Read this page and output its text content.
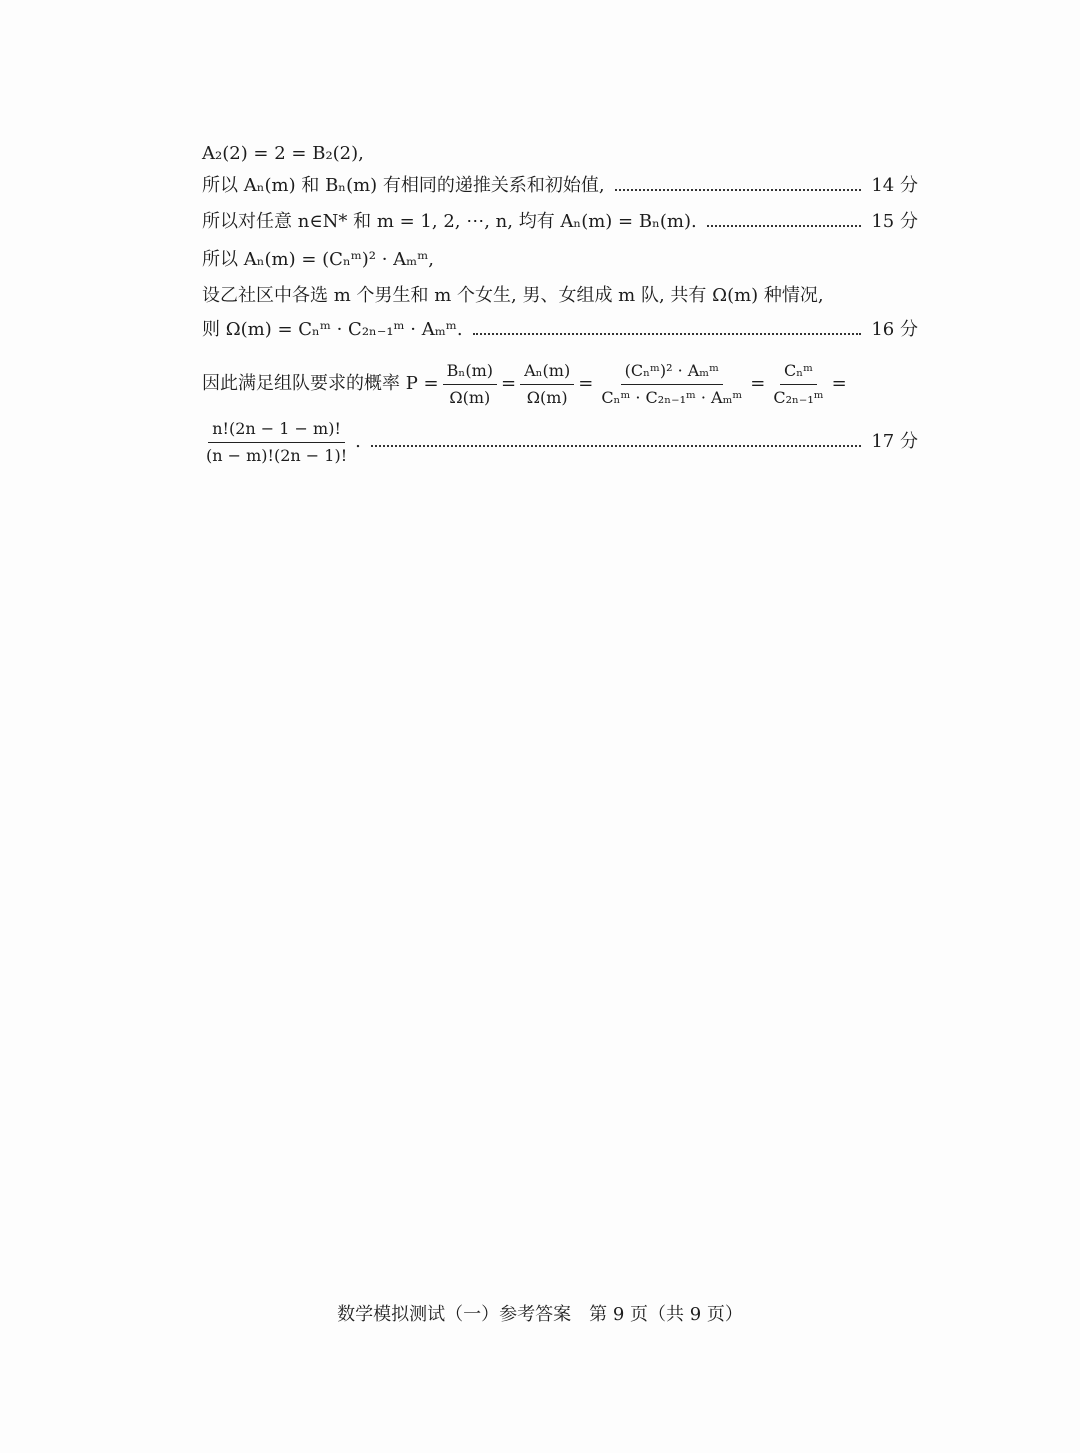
A₂(2) = 2 = B₂(2),
所以 Aₙ(m) 和 Bₙ(m) 有相同的递推关系和初始值,	14 分
所以对任意 n∈N* 和 m = 1, 2, ⋯, n, 均有 Aₙ(m) = Bₙ(m).	15 分
所以 Aₙ(m) = (Cₙᵐ)² · Aₘᵐ,
设乙社区中各选 m 个男生和 m 个女生, 男、女组成 m 队, 共有 Ω(m) 种情况,
则 Ω(m) = Cₙᵐ · C₂ₙ₋₁ᵐ · Aₘᵐ.	16 分
因此满足组队要求的概率 $P = \frac{\text{Bₙ(m)}}{\Omega(m)} = \frac{\text{Aₙ(m)}}{\Omega(m)} = \frac{\text{(Cₙᵐ)² · Aₘᵐ}}{\text{Cₙᵐ · C₂ₙ₋₁ᵐ · Aₘᵐ}} = \frac{\text{Cₙᵐ}}{\text{C₂ₙ₋₁ᵐ}}$ =
$\frac{n!(2n - 1 - m)!}{(n - m)!(2n - 1)!}$ .	17 分
数学模拟测试（一）参考答案　第 9 页（共 9 页）
